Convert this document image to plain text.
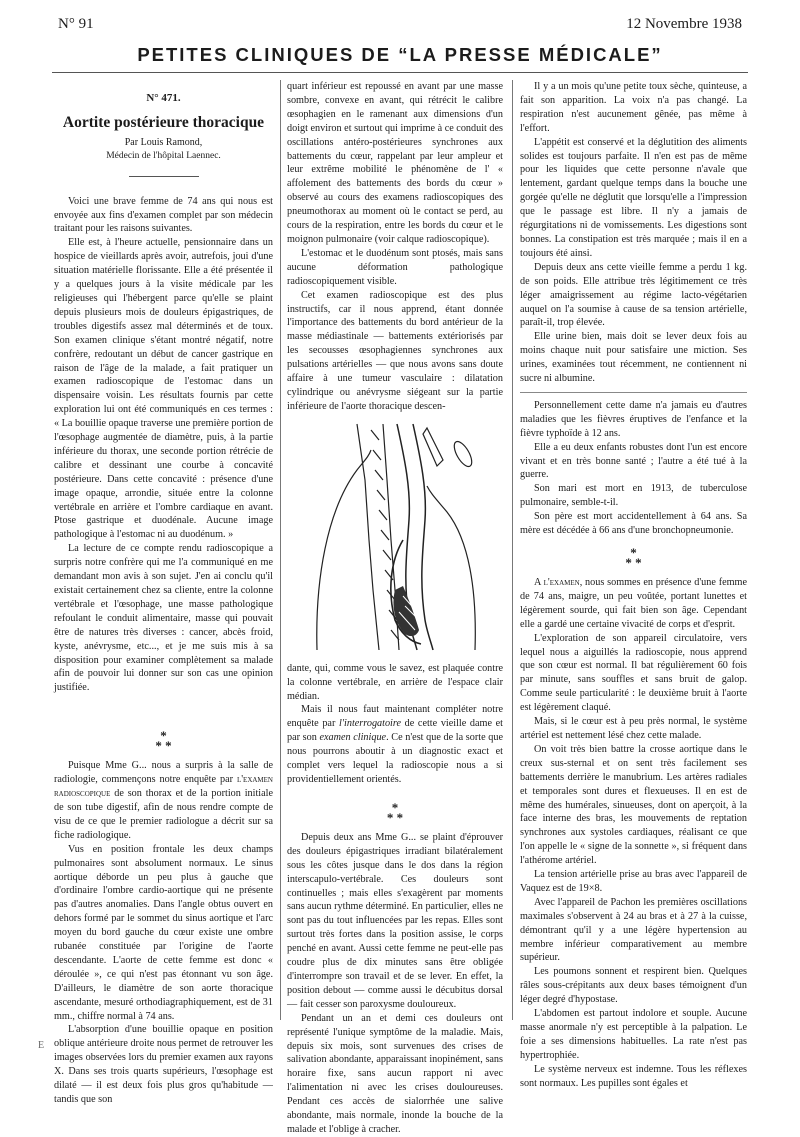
N° 91	12 Novembre 1938
PETITES CLINIQUES DE “LA PRESSE MÉDICALE”
N° 471.
Aortite postérieure thoracique
Par Louis Ramond,
Médecin de l'hôpital Laennec.

Voici une brave femme de 74 ans qui nous est envoyée aux fins d'examen complet par son médecin traitant pour les raisons suivantes.

Elle est, à l'heure actuelle, pensionnaire dans un hospice de vieillards après avoir, autrefois, joui d'une situation matérielle florissante. Elle a été présentée il y a quelques jours à la visite médicale par les religieuses qui l'hébergent parce qu'elle se plaint depuis plusieurs mois de douleurs épigastriques, de troubles digestifs assez mal déterminés et de toux. Son examen clinique s'étant montré négatif, notre confrère, redoutant un début de cancer gastrique en raison de l'âge de la malade, a fait pratiquer un examen radioscopique de l'estomac dans un dispensaire voisin. Les résultats fournis par cette exploration lui ont été communiqués en ces termes : « La bouillie opaque traverse une première portion de l'œsophage augmentée de diamètre, puis, à la partie inférieure du thorax, une seconde portion rétrécie de calibre et dessinant une courbe à concavité postérieure. Dans cette concavité : présence d'une image opaque, arrondie, située entre la colonne vertébrale en arrière et l'ombre cardiaque en avant. Ptose gastrique et duodénale. Aucune image pathologique à l'estomac ni au duodénum. »

La lecture de ce compte rendu radioscopique a surpris notre confrère qui me l'a communiqué en me demandant mon avis à son sujet. J'en ai conclu qu'il existait certainement chez sa cliente, entre la colonne vertébrale et l'œsophage, une masse pathologique refoulant le conduit alimentaire, masse qui pouvait être de natures très diverses : cancer, abcès froid, kyste, anévrysme, etc..., et je me suis mis à sa disposition pour examiner complètement sa malade afin de pouvoir lui donner sur son cas une opinion justifiée.

*
* *

Puisque Mme G... nous a surpris à la salle de radiologie, commençons notre enquête par l'examen radioscopique de son thorax et de la portion initiale de son tube digestif, afin de nous rendre compte de visu de ce que le premier radiologue a décrit sur sa fiche radiologique.

Vus en position frontale les deux champs pulmonaires sont absolument normaux. Le sinus aortique déborde un peu plus à gauche que d'ordinaire l'ombre cardio-aortique qui ne présente pas d'autres anomalies. Dans l'angle obtus ouvert en dehors formé par le sommet du sinus aortique et l'arc moyen du bord gauche du cœur existe une ombre rubanée constituée par l'origine de l'aorte descendante. L'aorte de cette femme est donc « déroulée », ce qui n'est pas étonnant vu son âge. D'ailleurs, le diamètre de son aorte thoracique ascendante, mesuré orthodiagraphiquement, est de 31 mm., chiffre normal à 74 ans.

L'absorption d'une bouillie opaque en position oblique antérieure droite nous permet de retrouver les images observées lors du premier examen aux rayons X. Dans ses trois quarts supérieurs, l'œsophage est dilaté — il est deux fois plus gros qu'habitude — tandis que son

quart inférieur est repoussé en avant par une masse sombre, convexe en avant, qui rétrécit le calibre œsophagien en le ramenant aux dimensions d'un doigt environ et surtout qui imprime à ce conduit des oscillations antéro-postérieures synchrones aux battements du cœur, rappelant par leur ampleur et leur extrême mobilité le phénomène de l' « affolement des battements des bords du cœur » observé au cours des examens radioscopiques des pneumothorax au moment où le contact se perd, au cours de la respiration, entre les bords du cœur et le moignon pulmonaire (voir calque radioscopique).

L'estomac et le duodénum sont ptosés, mais sans aucune déformation pathologique radioscopiquement visible.

Cet examen radioscopique est des plus instructifs, car il nous apprend, étant donnée l'importance des battements du bord antérieur de la masse médiastinale — battements extériorisés par les secousses œsophagiennes synchrones aux pulsations artérielles — que nous avons sans doute affaire à une tumeur vasculaire : dilatation cylindrique ou anévrysme siégeant sur la partie inférieure de l'aorte thoracique descen-

dante, qui, comme vous le savez, est plaquée contre la colonne vertébrale, en arrière de l'espace clair médian.

Mais il nous faut maintenant compléter notre enquête par l'interrogatoire de cette vieille dame et par son examen clinique. Ce n'est que de la sorte que nous pourrons aboutir à un diagnostic exact et complet vers lequel la radioscopie nous a si providentiellement orientés.

*
* *

Depuis deux ans Mme G... se plaint d'éprouver des douleurs épigastriques irradiant bilatéralement sous les côtes jusque dans le dos dans la région interscapulo-vertébrale. Ces douleurs sont continuelles ; mais elles s'exagèrent par moments sans aucun rythme déterminé. En particulier, elles ne sont pas du tout influencées par les repas. Elles sont surtout très fortes dans la position assise, le corps penché en avant. Aussi cette femme ne peut-elle pas coudre plus de dix minutes sans être obligée d'interrompre son travail et de se lever. En effet, la position debout — comme aussi le décubitus dorsal — fait cesser son paroxysme douloureux.

Pendant un an et demi ces douleurs ont représenté l'unique symptôme de la maladie. Mais, depuis six mois, sont survenues des crises de salivation abondante, apparaissant inopinément, sans horaire fixe, sans aucun rapport ni avec l'alimentation ni avec les crises douloureuses. Pendant ces accès de sialorrhée une salive abondante, mais normale, inonde la bouche de la malade et l'oblige à cracher.

Il y a un mois qu'une petite toux sèche, quinteuse, a fait son apparition. La voix n'a pas changé. La respiration n'est aucunement gênée, pas même à l'effort.

L'appétit est conservé et la déglutition des aliments solides est toujours parfaite. Il n'en est pas de même pour les liquides que cette personne n'avale que lentement, gardant quelque temps dans la bouche une gorgée qu'elle ne déglutit que lorsqu'elle a l'impression que le passage est libre. Il n'y a jamais de régurgitations ni de vomissements. Les digestions sont bonnes. La constipation est très marquée ; mais il en a toujours été ainsi.

Depuis deux ans cette vieille femme a perdu 1 kg. de son poids. Elle attribue très légitimement ce très léger amaigrissement au régime lacto-végétarien auquel on l'a soumise à cause de sa tension artérielle, paraît-il, trop élevée.

Elle urine bien, mais doit se lever deux fois au moins chaque nuit pour satisfaire une miction. Ses urines, examinées tout récemment, ne contiennent ni sucre ni albumine.

Personnellement cette dame n'a jamais eu d'autres maladies que les fièvres éruptives de l'enfance et la fièvre typhoïde à 12 ans.

Elle a eu deux enfants robustes dont l'un est encore vivant et en très bonne santé ; l'autre a été tué à la guerre.

Son mari est mort en 1913, de tuberculose pulmonaire, semble-t-il.

Son père est mort accidentellement à 64 ans. Sa mère est décédée à 66 ans d'une bronchopneumonie.

*
* *

A l'examen, nous sommes en présence d'une femme de 74 ans, maigre, un peu voûtée, portant lunettes et légèrement sourde, qui fait bien son âge. Cependant elle a gardé une certaine vivacité de corps et d'esprit.

L'exploration de son appareil circulatoire, vers lequel nous a aiguillés la radioscopie, nous apprend que son cœur est normal. Il bat régulièrement 60 fois par minute, sans souffles et sans bruit de galop. Comme seule particularité : le deuxième bruit à l'aorte est légèrement claqué.

Mais, si le cœur est à peu près normal, le système artériel est nettement lésé chez cette malade.

On voit très bien battre la crosse aortique dans le creux sus-sternal et on sent très facilement ses battements derrière le manubrium. Les artères radiales et temporales sont dures et flexueuses. Il en est de même des humérales, sinueuses, dont on aperçoit, à la face interne des bras, les mouvements de reptation synchrones aux systoles cardiaques, réalisant ce que l'on appelle le « signe de la sonnette », si fréquent dans l'athérome artériel.

La tension artérielle prise au bras avec l'appareil de Vaquez est de 19×8.

Avec l'appareil de Pachon les premières oscillations maximales s'observent à 24 au bras et à 27 à la cuisse, démontrant qu'il y a une légère hypertension au membre inférieur comparativement au membre supérieur.

Les poumons sonnent et respirent bien. Quelques râles sous-crépitants aux deux bases témoignent d'un léger degré d'hypostase.

L'abdomen est partout indolore et souple. Aucune masse anormale n'y est perceptible à la palpation. Le foie a ses dimensions habituelles. La rate n'est pas hypertrophiée.

Le système nerveux est indemne. Tous les réflexes sont normaux. Les pupilles sont égales et

E
